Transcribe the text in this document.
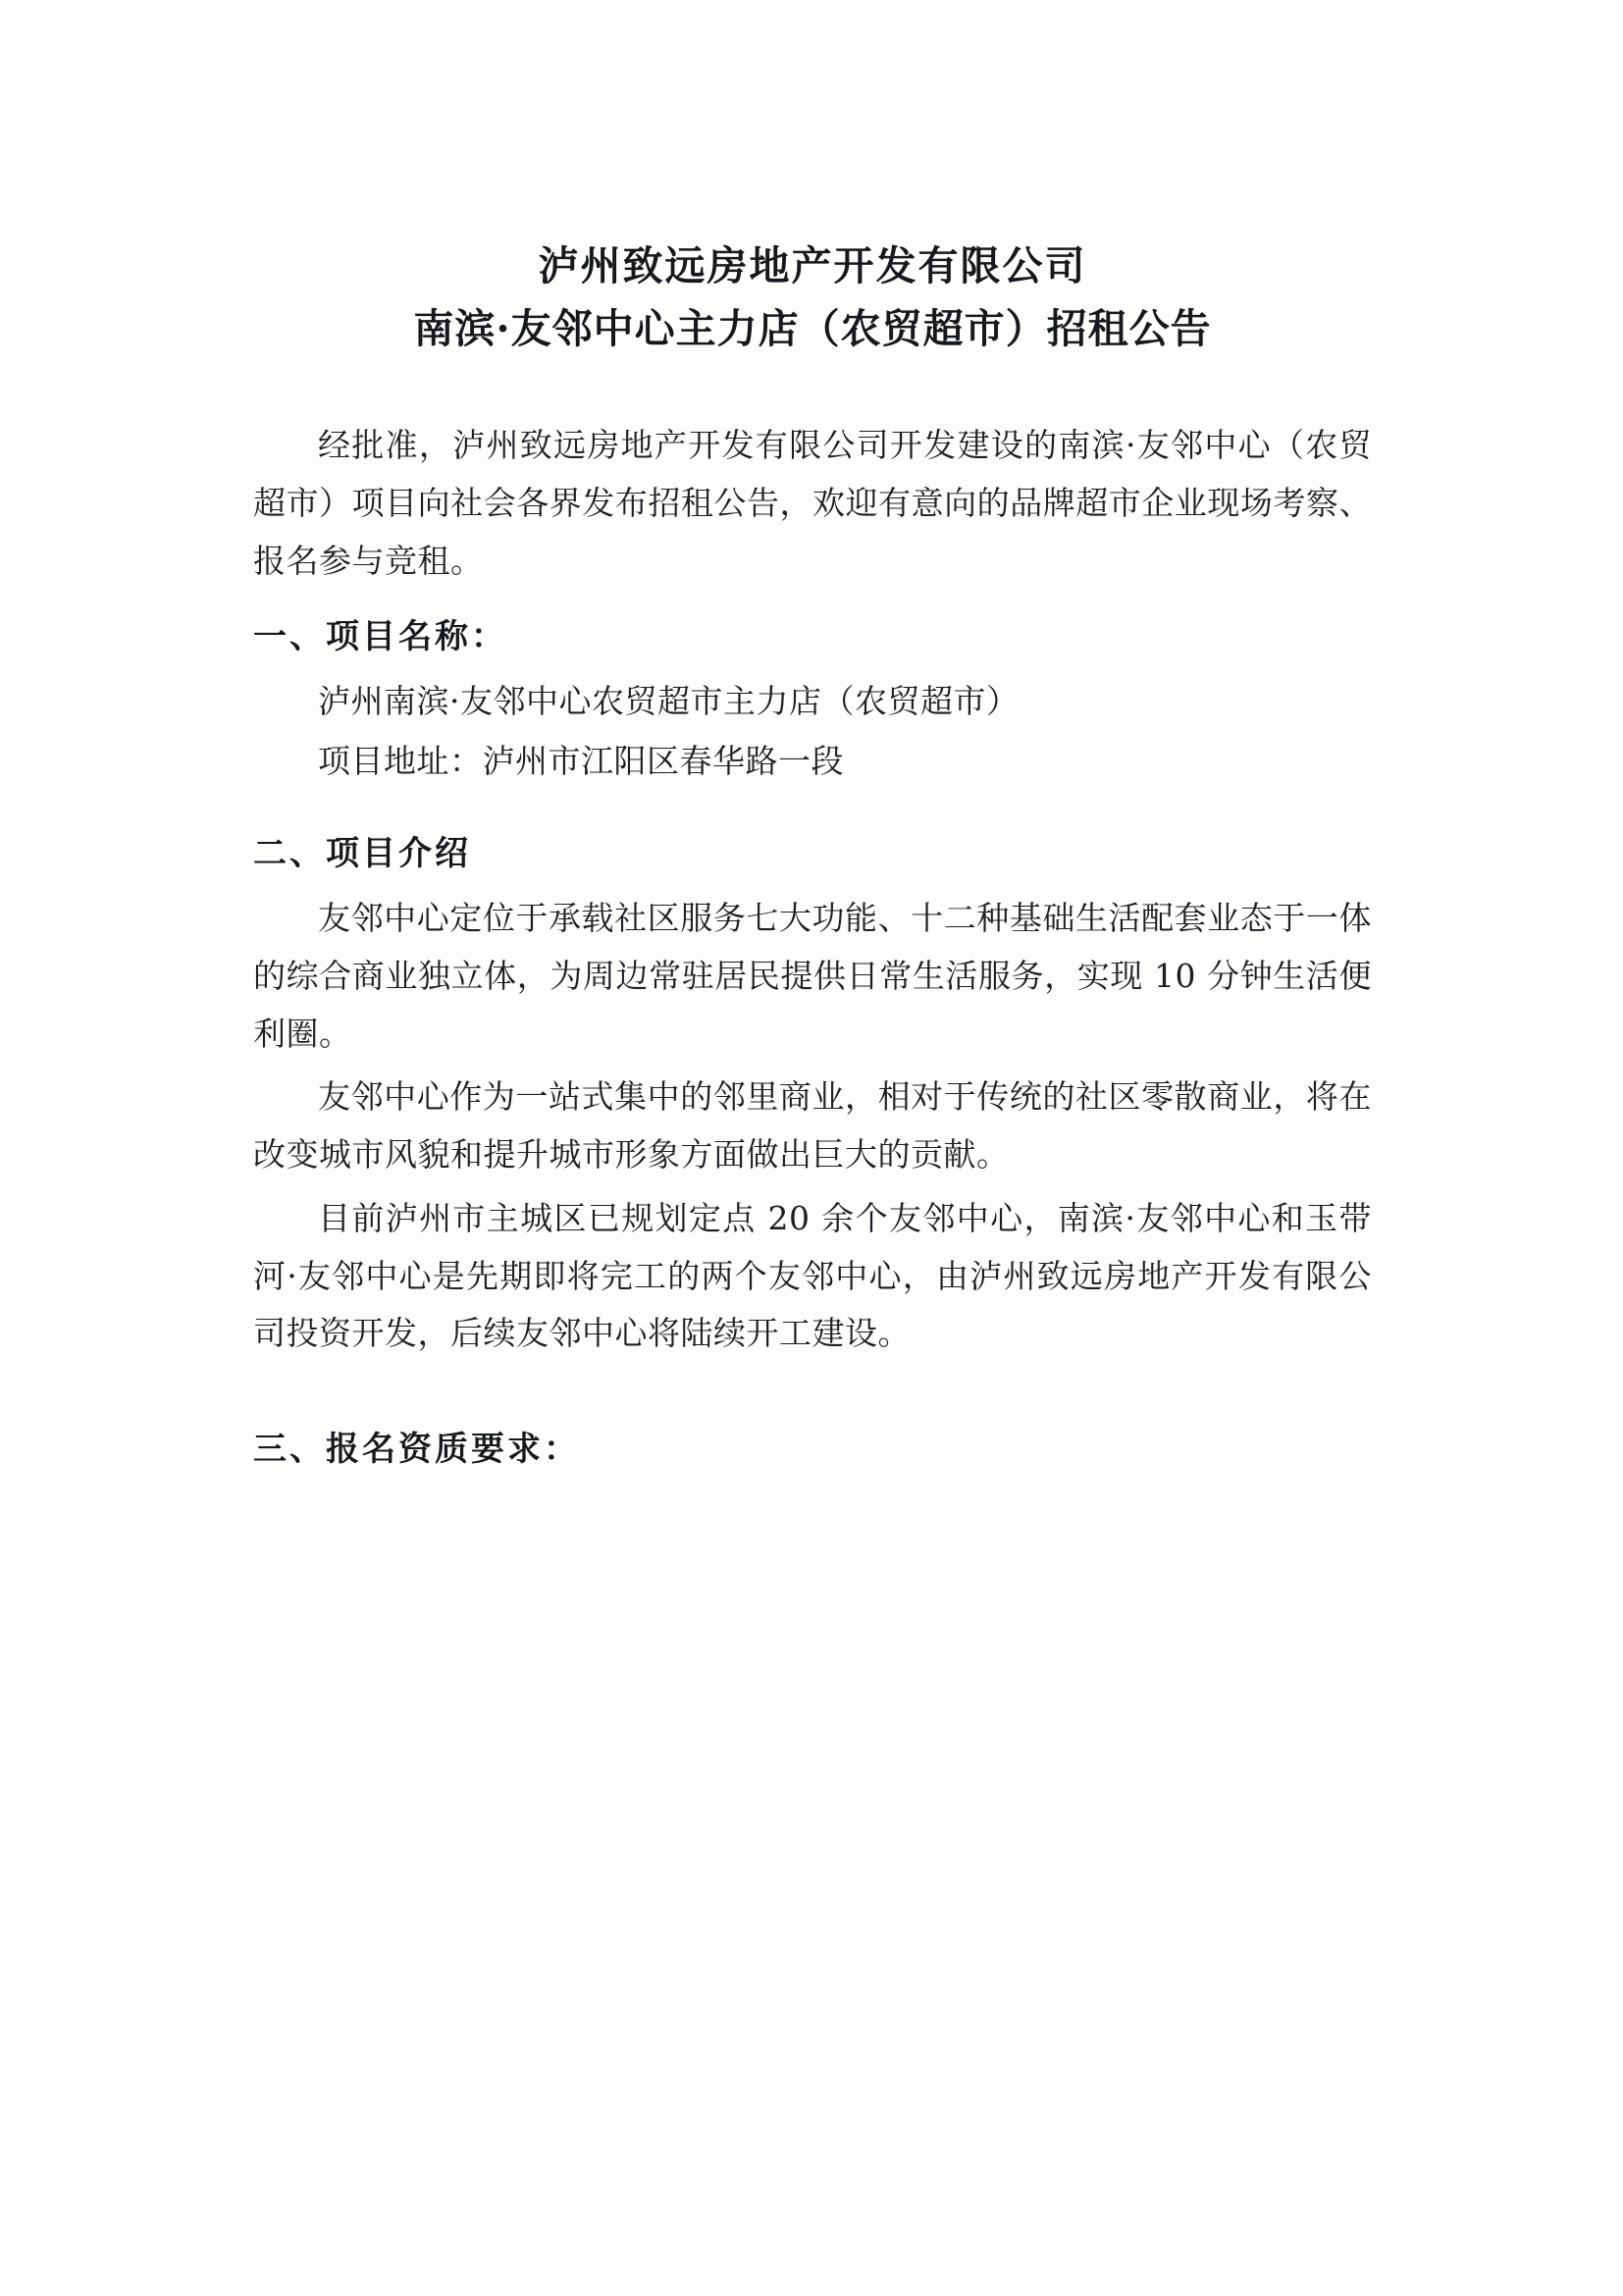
泸州致远房地产开发有限公司
南滨·友邻中心主力店（农贸超市）招租公告

经批准，泸州致远房地产开发有限公司开发建设的南滨·友邻中心（农贸超市）项目向社会各界发布招租公告，欢迎有意向的品牌超市企业现场考察、报名参与竞租。

一、项目名称：
泸州南滨·友邻中心农贸超市主力店（农贸超市）
项目地址：泸州市江阳区春华路一段
二、项目介绍

友邻中心定位于承载社区服务七大功能、十二种基础生活配套业态于一体的综合商业独立体，为周边常驻居民提供日常生活服务，实现 10 分钟生活便利圈。

友邻中心作为一站式集中的邻里商业，相对于传统的社区零散商业，将在改变城市风貌和提升城市形象方面做出巨大的贡献。

目前泸州市主城区已规划定点 20 余个友邻中心，南滨·友邻中心和玉带河·友邻中心是先期即将完工的两个友邻中心，由泸州致远房地产开发有限公司投资开发，后续友邻中心将陆续开工建设。

三、报名资质要求：
